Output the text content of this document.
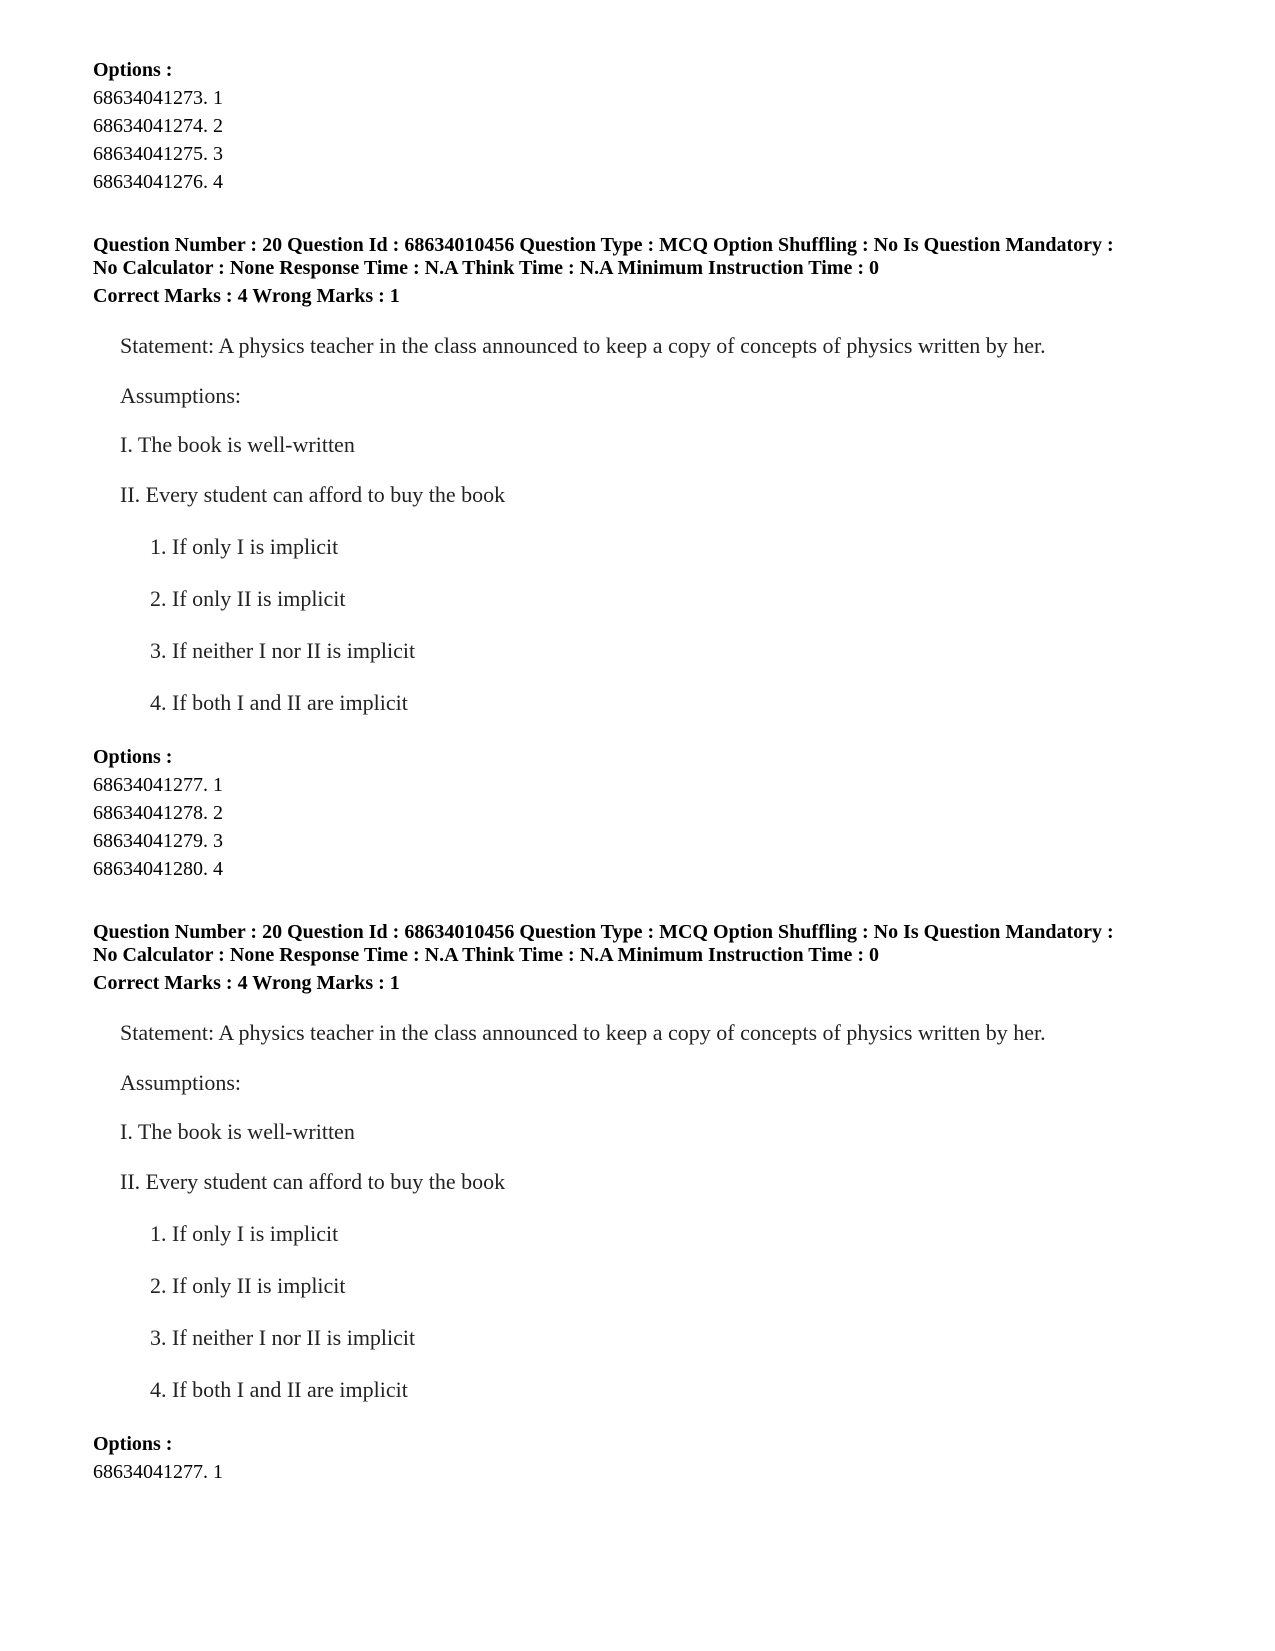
Options :
68634041273. 1
68634041274. 2
68634041275. 3
68634041276. 4
Question Number : 20 Question Id : 68634010456 Question Type : MCQ Option Shuffling : No Is Question Mandatory :
No Calculator : None Response Time : N.A Think Time : N.A Minimum Instruction Time : 0
Correct Marks : 4 Wrong Marks : 1
Statement: A physics teacher in the class announced to keep a copy of concepts of physics written by her.
Assumptions:
I. The book is well-written
II. Every student can afford to buy the book
1. If only I is implicit
2. If only II is implicit
3. If neither I nor II is implicit
4. If both I and II are implicit
Options :
68634041277. 1
68634041278. 2
68634041279. 3
68634041280. 4
Question Number : 20 Question Id : 68634010456 Question Type : MCQ Option Shuffling : No Is Question Mandatory :
No Calculator : None Response Time : N.A Think Time : N.A Minimum Instruction Time : 0
Correct Marks : 4 Wrong Marks : 1
Statement: A physics teacher in the class announced to keep a copy of concepts of physics written by her.
Assumptions:
I. The book is well-written
II. Every student can afford to buy the book
1. If only I is implicit
2. If only II is implicit
3. If neither I nor II is implicit
4. If both I and II are implicit
Options :
68634041277. 1
